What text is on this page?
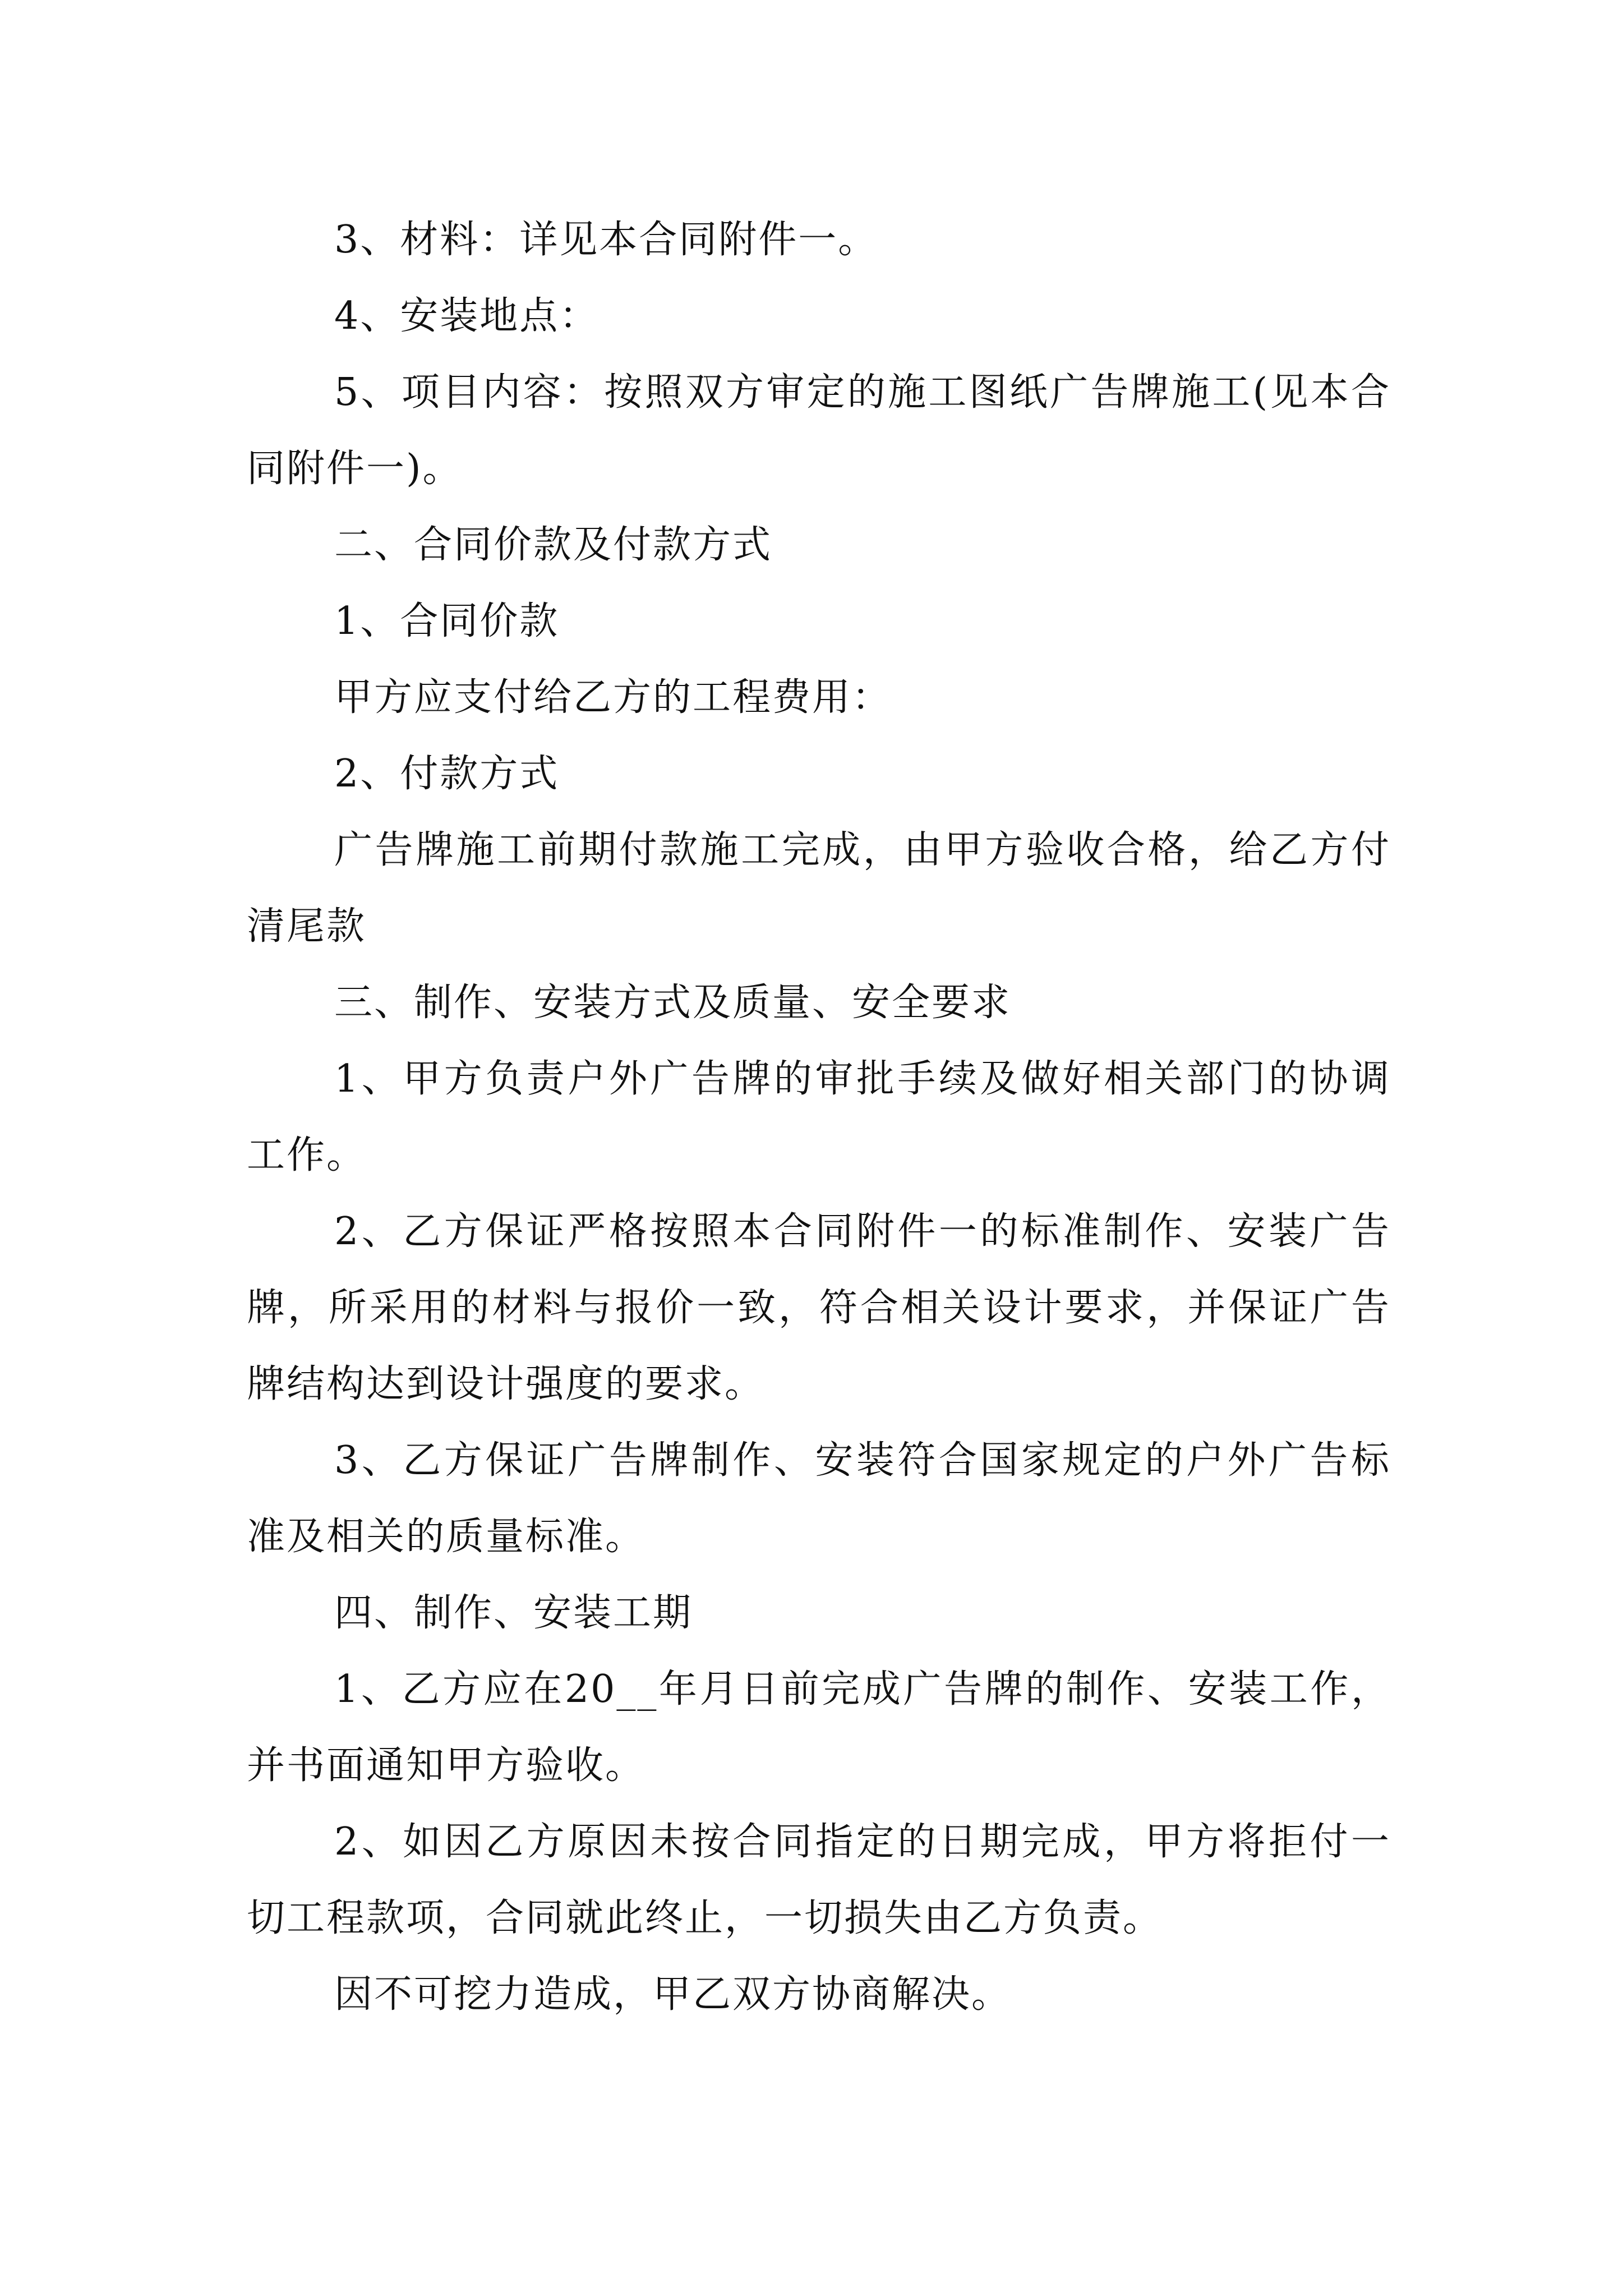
3、材料：详见本合同附件一。

4、安装地点：

5、项目内容：按照双方审定的施工图纸广告牌施工(见本合同附件一)。

二、合同价款及付款方式

1、合同价款

甲方应支付给乙方的工程费用：

2、付款方式

广告牌施工前期付款施工完成，由甲方验收合格，给乙方付清尾款

三、制作、安装方式及质量、安全要求

1、甲方负责户外广告牌的审批手续及做好相关部门的协调工作。

2、乙方保证严格按照本合同附件一的标准制作、安装广告牌，所采用的材料与报价一致，符合相关设计要求，并保证广告牌结构达到设计强度的要求。

3、乙方保证广告牌制作、安装符合国家规定的户外广告标准及相关的质量标准。

四、制作、安装工期

1、乙方应在20__年月日前完成广告牌的制作、安装工作，并书面通知甲方验收。

2、如因乙方原因未按合同指定的日期完成，甲方将拒付一切工程款项，合同就此终止，一切损失由乙方负责。

因不可挖力造成，甲乙双方协商解决。
